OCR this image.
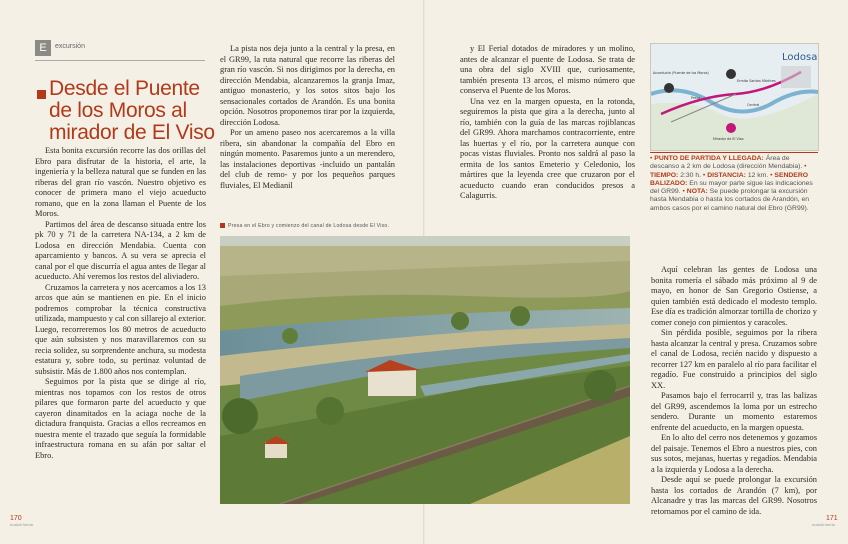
E	excursión
Desde el Puente de los Moros al mirador de El Viso

Esta bonita excursión recorre las dos orillas del Ebro para disfrutar de la historia, el arte, la ingeniería y la belleza natural que se funden en las riberas del gran río vascón. Nuestro objetivo es conocer de primera mano el viejo acueducto romano, que en la zona llaman el Puente de los Moros.

Partimos del área de descanso situada entre los pk 70 y 71 de la carretera NA-134, a 2 km de Lodosa en dirección Mendabia. Cuenta con aparcamiento y bancos. A su vera se aprecia el canal por el que discurría el agua antes de llegar al acueducto. Ahí veremos los restos del aliviadero.

Cruzamos la carretera y nos acercamos a los 13 arcos que aún se mantienen en pie. En el inicio podremos comprobar la técnica constructiva utilizada, mampuesto y cal con sillarejo al exterior. Luego, recorreremos los 80 metros de acueducto que aún subsisten y nos maravillaremos con su recia solidez, su sorprendente anchura, su modesta estatura y, sobre todo, su pertinaz voluntad de subsistir. Más de 1.800 años nos contemplan.

Seguimos por la pista que se dirige al río, mientras nos topamos con los restos de otros pilares que formaron parte del acueducto y que cayeron dinamitados en la aciaga noche de la dictadura franquista. Gracias a ellos recreamos en nuestra mente el trazado que seguía la formidable infraestructura romana en su afán por saltar el Ebro.

La pista nos deja junto a la central y la presa, en el GR99, la ruta natural que recorre las riberas del gran río vascón. Si nos dirigimos por la derecha, en dirección Mendabia, alcanzaremos la granja Imaz, antiguo monasterio, y los sotos sitos bajo los sensacionales cortados de Arandón. Es una bonita opción. Nosotros proponemos tirar por la izquierda, dirección Lodosa.

Por un ameno paseo nos acercaremos a la villa ribera, sin abandonar la compañía del Ebro en ningún momento. Pasaremos junto a un merendero, las instalaciones deportivas -incluido un pantalán del club de remo- y por los pequeños parques fluviales, El Medianil

Presa en el Ebro y comienzo del canal de Lodosa desde El Viso.

y El Ferial dotados de miradores y un molino, antes de alcanzar el puente de Lodosa. Se trata de una obra del siglo XVIII que, curiosamente, también presenta 13 arcos, el mismo número que conserva el Puente de los Moros.

Una vez en la margen opuesta, en la rotonda, seguiremos la pista que gira a la derecha, junto al río, también con la guía de las marcas rojiblancas del GR99. Ahora marchamos contracorriente, entre las huertas y el río, por la carretera aunque con pocas vistas fluviales. Pronto nos saldrá al paso la ermita de los santos Emeterio y Celedonio, los mártires que la leyenda cree que cruzaron por el acueducto cuando eran conducidos presos a Calagurris.

Lodosa
Acueducto (Puente de los Moros)
Ermita Santos Mártires
Presa
Central
Mirador de El Viso
• PUNTO DE PARTIDA Y LLEGADA: Área de descanso a 2 km de Lodosa (dirección Mendabia). • TIEMPO: 2:30 h. • DISTANCIA: 12 km. • SENDERO BALIZADO: En su mayor parte sigue las indicaciones del GR99. • NOTA: Se puede prolongar la excursión hasta Mendabia o hasta los cortados de Arandón, en ambos casos por el camino natural del Ebro (GR99).

Aquí celebran las gentes de Lodosa una bonita romería el sábado más próximo al 9 de mayo, en honor de San Gregorio Ostiense, a quien también está dedicado el modesto templo. Ese día es tradición almorzar tortilla de chorizo y comer conejo con pimientos y caracoles.

Sin pérdida posible, seguimos por la ribera hasta alcanzar la central y presa. Cruzamos sobre el canal de Lodosa, recién nacido y dispuesto a recorrer 127 km en paralelo al río para facilitar el regadío. Fue construido a principios del siglo XX.

Pasamos bajo el ferrocarril y, tras las balizas del GR99, ascendemos la loma por un estrecho sendero. Durante un momento estaremos enfrente del acueducto, en la margen opuesta.

En lo alto del cerro nos detenemos y gozamos del paisaje. Tenemos el Ebro a nuestros pies, con sus sotos, mejanas, huertas y regadíos. Mendabia a la izquierda y Lodosa a la derecha.

Desde aquí se puede prolongar la excursión hasta los cortados de Arandón (7 km), por Alcanadre y tras las marcas del GR99. Nosotros retornamos por el camino de ida.

170
euskal herria
171
euskal herria
